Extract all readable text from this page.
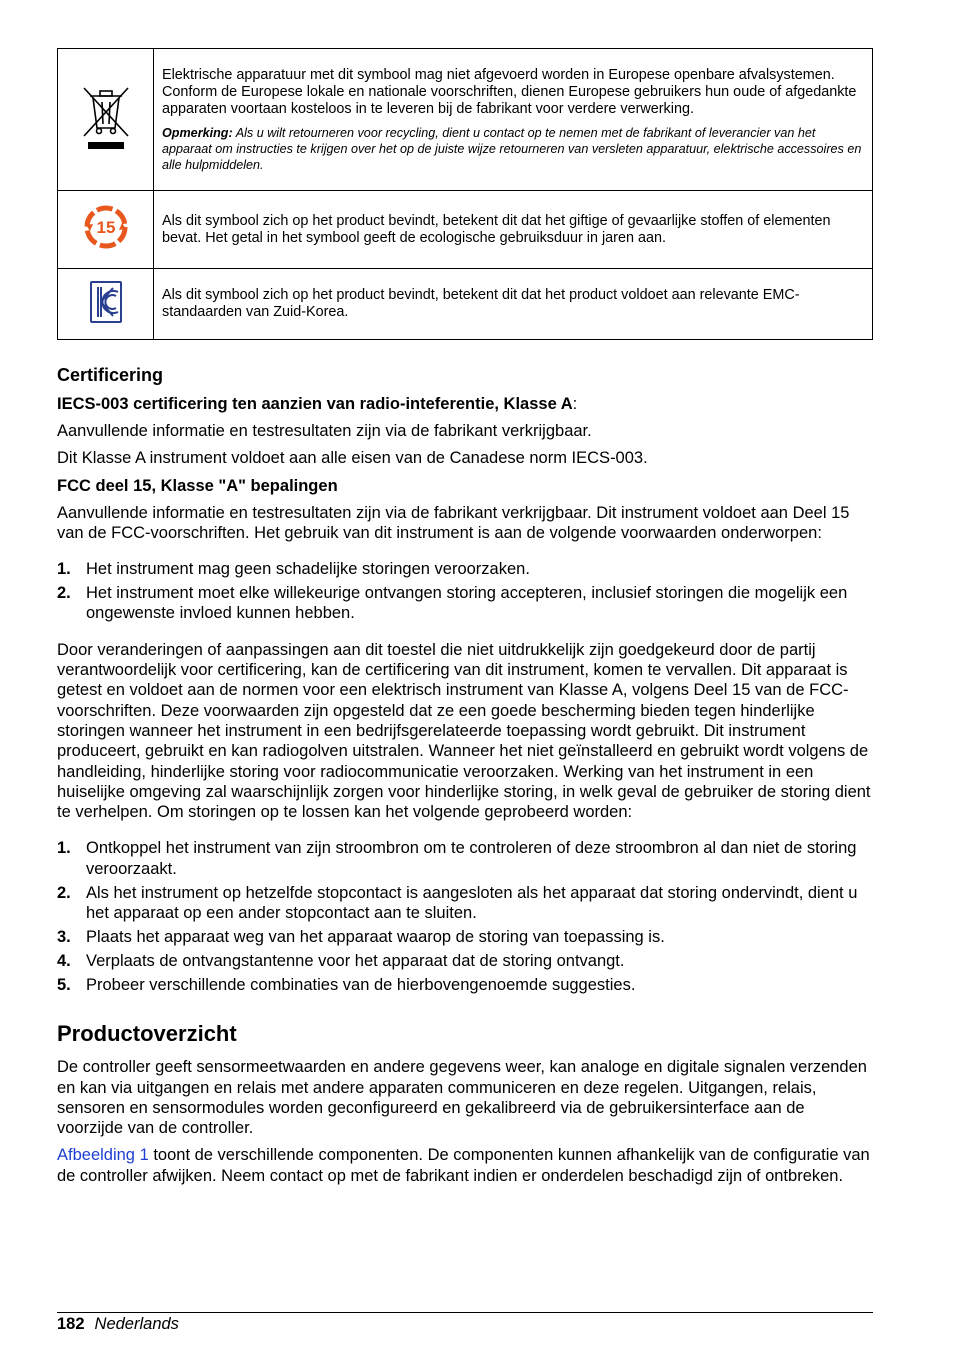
Elektrische apparatuur met dit symbool mag niet afgevoerd worden in Europese openbare afvalsystemen. Conform de Europese lokale en nationale voorschriften, dienen Europese gebruikers hun oude of afgedankte apparaten voortaan kosteloos in te leveren bij de fabrikant voor verdere verwerking.

Opmerking: Als u wilt retourneren voor recycling, dient u contact op te nemen met de fabrikant of leverancier van het apparaat om instructies te krijgen over het op de juiste wijze retourneren van versleten apparatuur, elektrische accessoires en alle hulpmiddelen.

15	Als dit symbool zich op het product bevindt, betekent dit dat het giftige of gevaarlijke stoffen of elementen bevat. Het getal in het symbool geeft de ecologische gebruiksduur in jaren aan.

Als dit symbool zich op het product bevindt, betekent dit dat het product voldoet aan relevante EMC-standaarden van Zuid-Korea.

Certificering

IECS-003 certificering ten aanzien van radio-inteferentie, Klasse A:

Aanvullende informatie en testresultaten zijn via de fabrikant verkrijgbaar.

Dit Klasse A instrument voldoet aan alle eisen van de Canadese norm IECS-003.

FCC deel 15, Klasse "A" bepalingen

Aanvullende informatie en testresultaten zijn via de fabrikant verkrijgbaar. Dit instrument voldoet aan Deel 15 van de FCC-voorschriften. Het gebruik van dit instrument is aan de volgende voorwaarden onderworpen:

1. Het instrument mag geen schadelijke storingen veroorzaken.
2. Het instrument moet elke willekeurige ontvangen storing accepteren, inclusief storingen die mogelijk een ongewenste invloed kunnen hebben.

Door veranderingen of aanpassingen aan dit toestel die niet uitdrukkelijk zijn goedgekeurd door de partij verantwoordelijk voor certificering, kan de certificering van dit instrument, komen te vervallen. Dit apparaat is getest en voldoet aan de normen voor een elektrisch instrument van Klasse A, volgens Deel 15 van de FCC-voorschriften. Deze voorwaarden zijn opgesteld dat ze een goede bescherming bieden tegen hinderlijke storingen wanneer het instrument in een bedrijfsgerelateerde toepassing wordt gebruikt. Dit instrument produceert, gebruikt en kan radiogolven uitstralen. Wanneer het niet geïnstalleerd en gebruikt wordt volgens de handleiding, hinderlijke storing voor radiocommunicatie veroorzaken. Werking van het instrument in een huiselijke omgeving zal waarschijnlijk zorgen voor hinderlijke storing, in welk geval de gebruiker de storing dient te verhelpen. Om storingen op te lossen kan het volgende geprobeerd worden:

1. Ontkoppel het instrument van zijn stroombron om te controleren of deze stroombron al dan niet de storing veroorzaakt.
2. Als het instrument op hetzelfde stopcontact is aangesloten als het apparaat dat storing ondervindt, dient u het apparaat op een ander stopcontact aan te sluiten.
3. Plaats het apparaat weg van het apparaat waarop de storing van toepassing is.
4. Verplaats de ontvangstantenne voor het apparaat dat de storing ontvangt.
5. Probeer verschillende combinaties van de hierbovengenoemde suggesties.
Productoverzicht

De controller geeft sensormeetwaarden en andere gegevens weer, kan analoge en digitale signalen verzenden en kan via uitgangen en relais met andere apparaten communiceren en deze regelen. Uitgangen, relais, sensoren en sensormodules worden geconfigureerd en gekalibreerd via de gebruikersinterface aan de voorzijde van de controller.

Afbeelding 1 toont de verschillende componenten. De componenten kunnen afhankelijk van de configuratie van de controller afwijken. Neem contact op met de fabrikant indien er onderdelen beschadigd zijn of ontbreken.

182 Nederlands
